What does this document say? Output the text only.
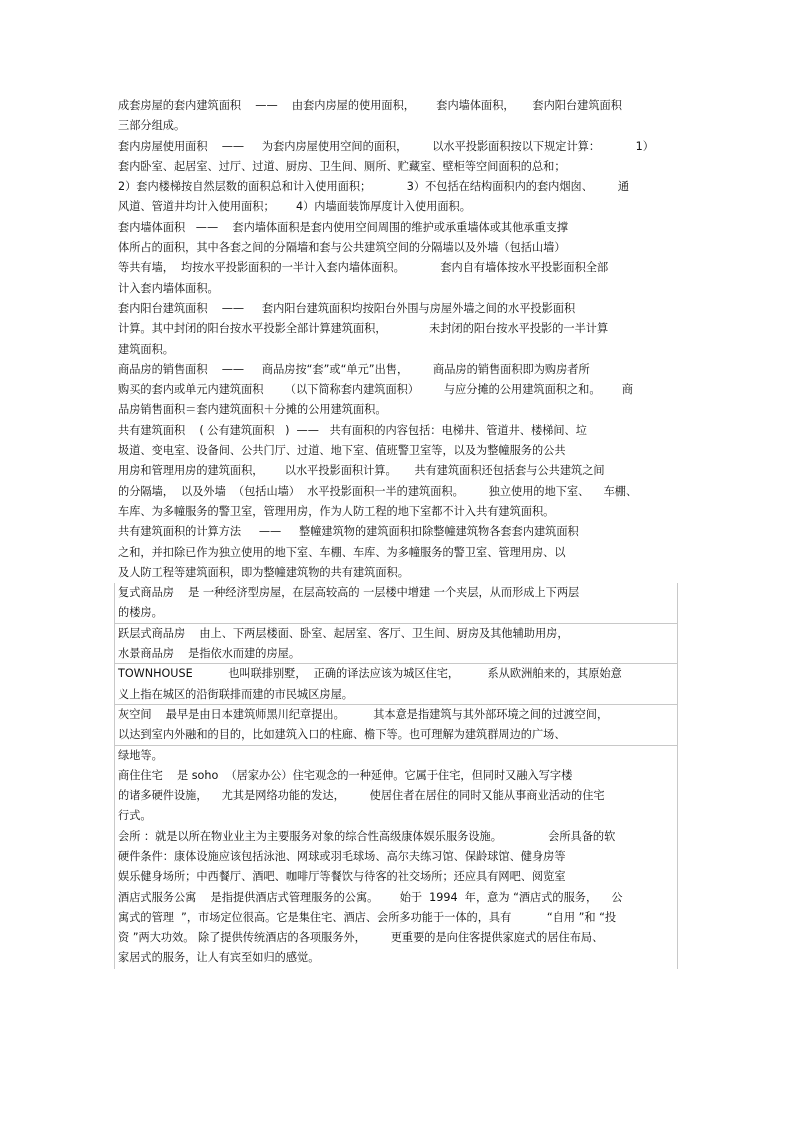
成套房屋的套内建筑面积    ——    由套内房屋的使用面积，      套内墙体面积，     套内阳台建筑面积
三部分组成。
套内房屋使用面积    ——     为套内房屋使用空间的面积，       以水平投影面积按以下规定计算：          1）
套内卧室、起居室、过厅、过道、厨房、卫生间、厕所、贮藏室、壁柜等空间面积的总和；
2）套内楼梯按自然层数的面积总和计入使用面积；          3）不包括在结构面积内的套内烟囱、       通
风道、管道井均计入使用面积；      4）内墙面装饰厚度计入使用面积。
套内墙体面积   ——    套内墙体面积是套内使用空间周围的维护或承重墙体或其他承重支撑
体所占的面积，其中各套之间的分隔墙和套与公共建筑空间的分隔墙以及外墙（包括山墙）
等共有墙，  均按水平投影面积的一半计入套内墙体面积。          套内自有墙体按水平投影面积全部
计入套内墙体面积。
套内阳台建筑面积    ——     套内阳台建筑面积均按阳台外围与房屋外墙之间的水平投影面积
计算。其中封闭的阳台按水平投影全部计算建筑面积，            未封闭的阳台按水平投影的一半计算
建筑面积。
商品房的销售面积    ——     商品房按“套”或“单元”出售，       商品房的销售面积即为购房者所
购买的套内或单元内建筑面积      （以下简称套内建筑面积）       与应分摊的公用建筑面积之和。      商
品房销售面积＝套内建筑面积＋分摊的公用建筑面积。
共有建筑面积    ( 公有建筑面积   )  ——   共有面积的内容包括：电梯井、管道井、楼梯间、垃
圾道、变电室、设备间、公共门厅、过道、地下室、值班警卫室等，以及为整幢服务的公共
用房和管理用房的建筑面积，      以水平投影面积计算。     共有建筑面积还包括套与公共建筑之间
的分隔墙，  以及外墙  （包括山墙）  水平投影面积一半的建筑面积。       独立使用的地下室、    车棚、
车库、为多幢服务的警卫室，管理用房，作为人防工程的地下室都不计入共有建筑面积。
共有建筑面积的计算方法     ——     整幢建筑物的建筑面积扣除整幢建筑物各套套内建筑面积
之和，并扣除已作为独立使用的地下室、车棚、车库、为多幢服务的警卫室、管理用房、以
及人防工程等建筑面积，即为整幢建筑物的共有建筑面积。
复式商品房    是 一种经济型房屋，在层高较高的 一层楼中增建 一个夹层，从而形成上下两层
的楼房。
跃层式商品房    由上、下两层楼面、卧室、起居室、客厅、卫生间、厨房及其他辅助用房，
水景商品房    是指依水而建的房屋。
TOWNHOUSE          也叫联排别墅，  正确的译法应该为城区住宅，        系从欧洲舶来的，其原始意
义上指在城区的沿街联排而建的市民城区房屋。
灰空间    最早是由日本建筑师黑川纪章提出。        其本意是指建筑与其外部环境之间的过渡空间，
以达到室内外融和的目的，比如建筑入口的柱廊、檐下等。也可理解为建筑群周边的广场、
绿地等。
商住住宅    是 soho  （居家办公）住宅观念的一种延伸。它属于住宅，但同时又融入写字楼
的诸多硬件设施，    尤其是网络功能的发达，       使居住者在居住的同时又能从事商业活动的住宅
行式。
会所 ：就是以所在物业业主为主要服务对象的综合性高级康体娱乐服务设施。             会所具备的软
硬件条件：康体设施应该包括泳池、网球或羽毛球场、高尔夫练习馆、保龄球馆、健身房等
娱乐健身场所；中西餐厅、酒吧、咖啡厅等餐饮与待客的社交场所；还应具有网吧、阅览室
酒店式服务公寓    是指提供酒店式管理服务的公寓。      始于  1994  年，意为 “酒店式的服务，    公
寓式的管理  ”，市场定位很高。它是集住宅、酒店、会所多功能于一体的，具有          “自用 ”和 “投
资 ”两大功效。 除了提供传统酒店的各项服务外，       更重要的是向住客提供家庭式的居住布局、
家居式的服务，让人有宾至如归的感觉。
